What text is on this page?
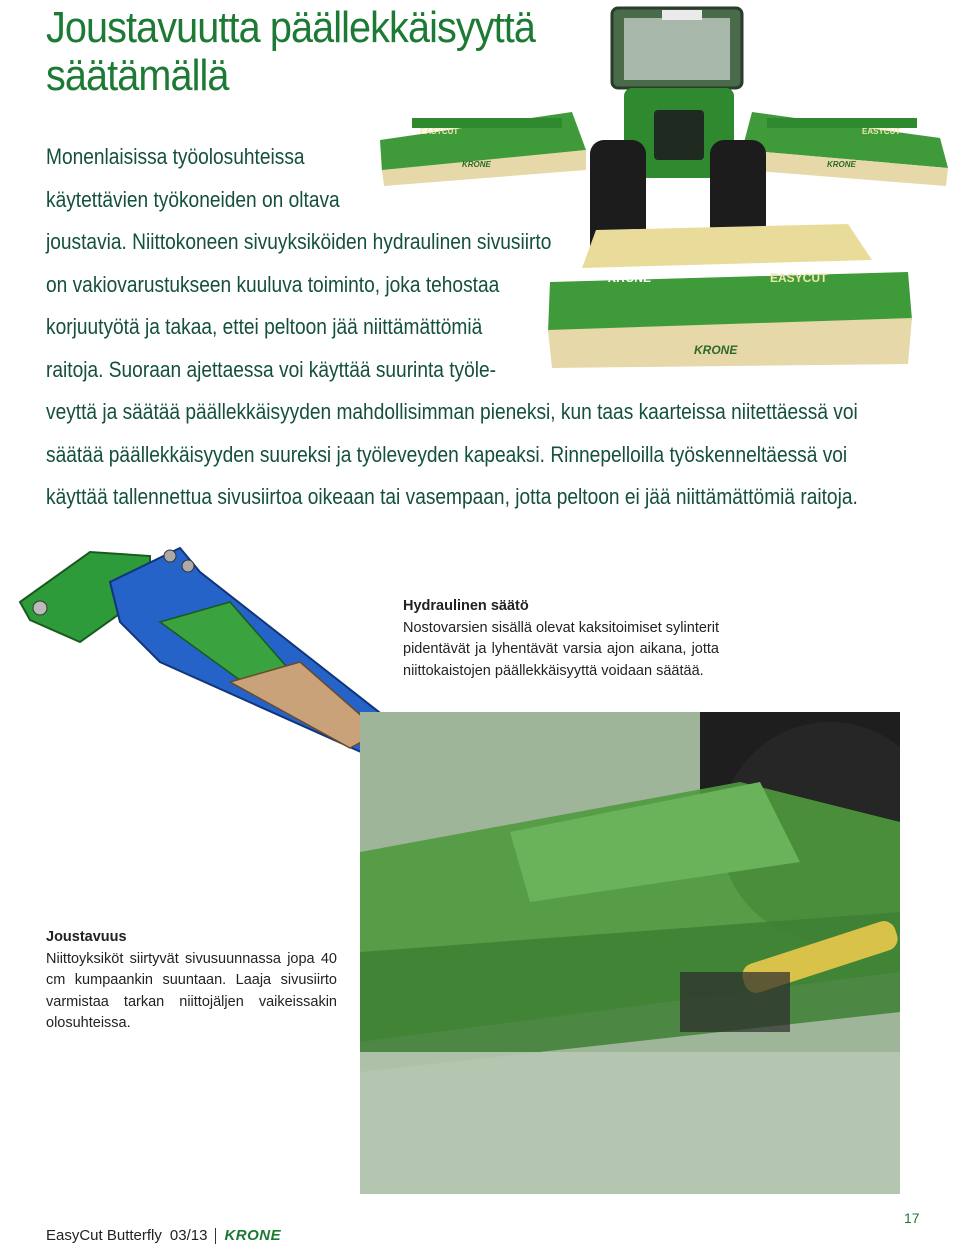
Joustavuutta päällekkäisyyttä
säätämällä
EASYCUT
KRONE
EASYCUT
KRONE
KRONE	EASYCUT
KRONE
Monenlaisissa työolosuhteissa
käytettävien työkoneiden on oltava
joustavia. Niittokoneen sivuyksiköiden hydraulinen sivusiirto
on vakiovarustukseen kuuluva toiminto, joka tehostaa
korjuutyötä ja takaa, ettei peltoon jää niittämättömiä
raitoja. Suoraan ajettaessa voi käyttää suurinta työle-
veyttä ja säätää päällekkäisyyden mahdollisimman pieneksi, kun taas kaarteissa niitettäessä voi
säätää päällekkäisyyden suureksi ja työleveyden kapeaksi. Rinnepelloilla työskenneltäessä voi
käyttää tallennettua sivusiirtoa oikeaan tai vasempaan, jotta peltoon ei jää niittämättömiä raitoja.
Hydraulinen säätö
Nostovarsien sisällä olevat kaksitoimiset sylinterit pidentävät ja lyhentävät varsia ajon aikana, jotta niittokaistojen päällekkäisyyttä voidaan säätää.
Joustavuus
Niittoyksiköt siirtyvät sivusuunnassa jopa 40 cm kumpaankin suuntaan. Laaja sivusiirto varmistaa tarkan niittojäljen vaikeissakin olosuhteissa.
EasyCut Butterfly 03/13 KRONE
17
